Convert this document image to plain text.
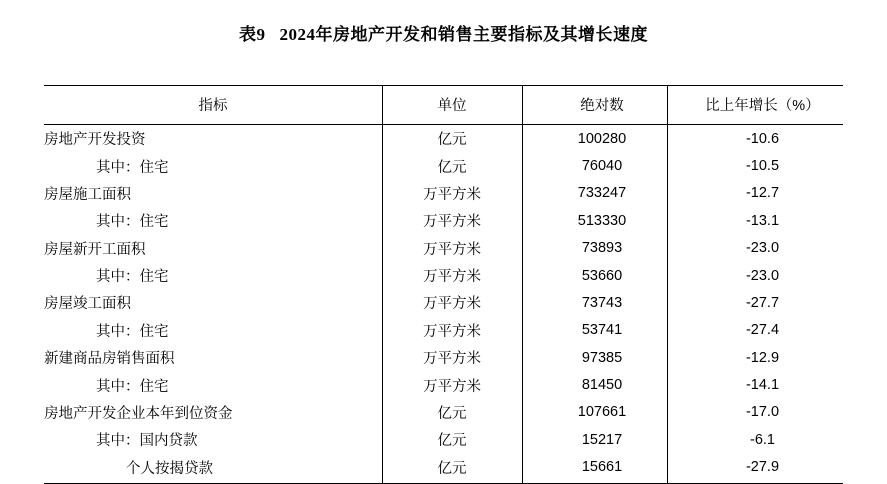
表9 2024年房地产开发和销售主要指标及其增长速度
指标	单位	绝对数	比上年增长（%）
房地产开发投资	亿元	100280	-10.6
其中：住宅	亿元	76040	-10.5
房屋施工面积	万平方米	733247	-12.7
其中：住宅	万平方米	513330	-13.1
房屋新开工面积	万平方米	73893	-23.0
其中：住宅	万平方米	53660	-23.0
房屋竣工面积	万平方米	73743	-27.7
其中：住宅	万平方米	53741	-27.4
新建商品房销售面积	万平方米	97385	-12.9
其中：住宅	万平方米	81450	-14.1
房地产开发企业本年到位资金	亿元	107661	-17.0
其中：国内贷款	亿元	15217	-6.1
个人按揭贷款	亿元	15661	-27.9
